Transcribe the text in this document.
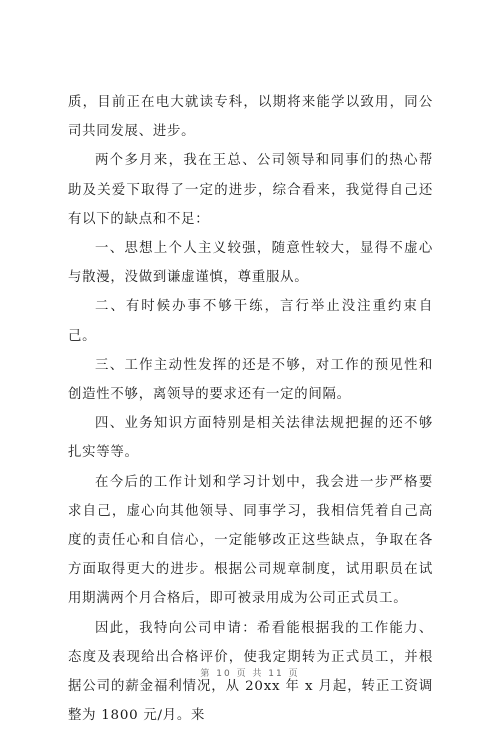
质，目前正在电大就读专科，以期将来能学以致用，同公司共同发展、进步。

两个多月来，我在王总、公司领导和同事们的热心帮助及关爱下取得了一定的进步，综合看来，我觉得自己还有以下的缺点和不足：

一、思想上个人主义较强，随意性较大，显得不虚心与散漫，没做到谦虚谨慎，尊重服从。

二、有时候办事不够干练，言行举止没注重约束自己。

三、工作主动性发挥的还是不够，对工作的预见性和创造性不够，离领导的要求还有一定的间隔。

四、业务知识方面特别是相关法律法规把握的还不够扎实等等。

在今后的工作计划和学习计划中，我会进一步严格要求自己，虚心向其他领导、同事学习，我相信凭着自己高度的责任心和自信心，一定能够改正这些缺点，争取在各方面取得更大的进步。根据公司规章制度，试用职员在试用期满两个月合格后，即可被录用成为公司正式员工。

因此，我特向公司申请：希看能根据我的工作能力、态度及表现给出合格评价，使我定期转为正式员工，并根据公司的薪金福利情况，从 20xx 年 x 月起，转正工资调整为 1800 元/月。来

第 10 页 共 11 页
